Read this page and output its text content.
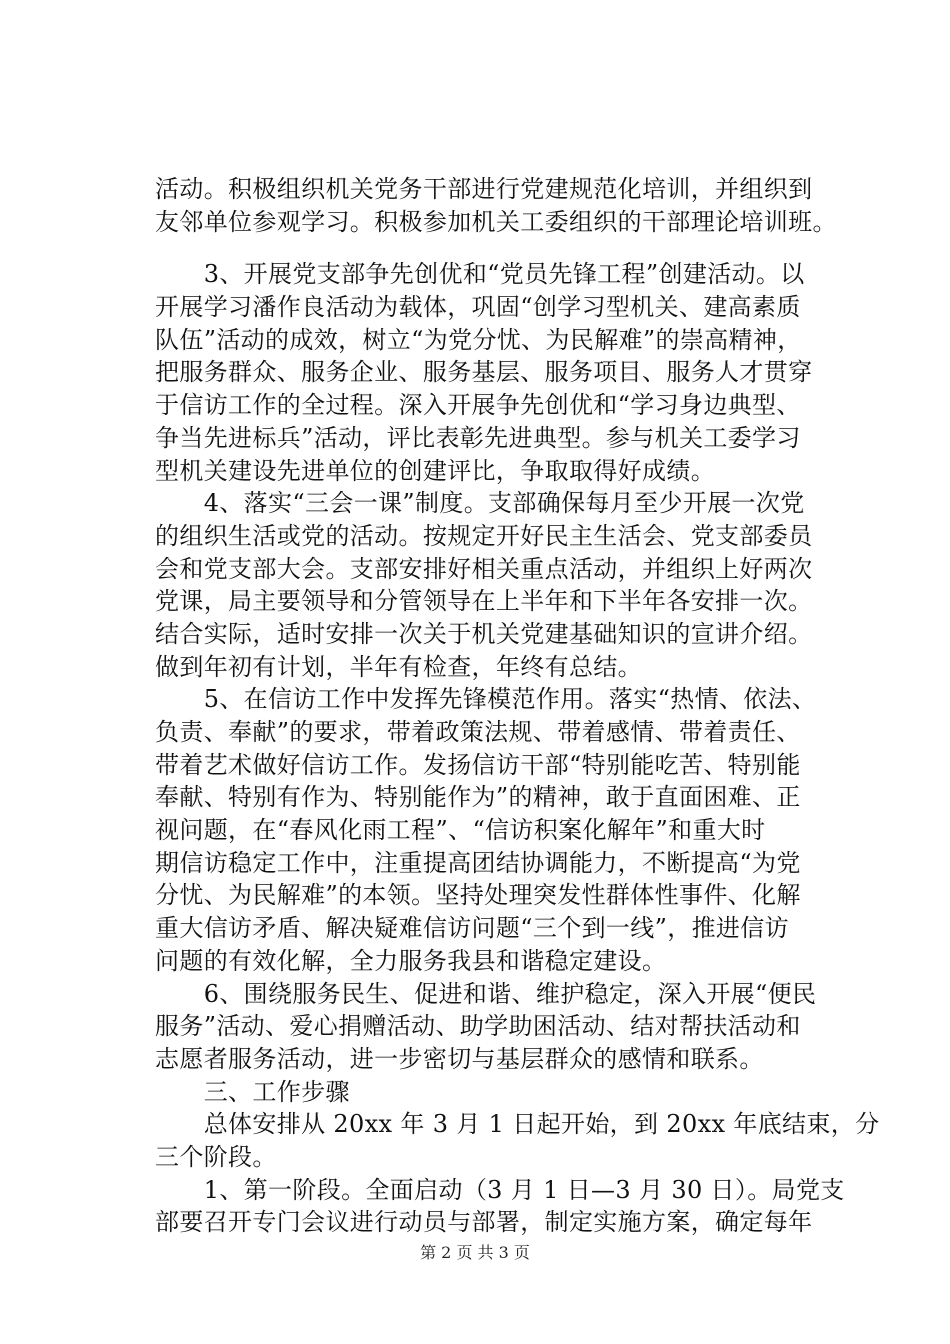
活动。积极组织机关党务干部进行党建规范化培训，并组织到
友邻单位参观学习。积极参加机关工委组织的干部理论培训班。
　　3、开展党支部争先创优和“党员先锋工程”创建活动。以
开展学习潘作良活动为载体，巩固“创学习型机关、建高素质
队伍”活动的成效，树立“为党分忧、为民解难”的崇高精神，
把服务群众、服务企业、服务基层、服务项目、服务人才贯穿
于信访工作的全过程。深入开展争先创优和“学习身边典型、
争当先进标兵”活动，评比表彰先进典型。参与机关工委学习
型机关建设先进单位的创建评比，争取取得好成绩。
　　4、落实“三会一课”制度。支部确保每月至少开展一次党
的组织生活或党的活动。按规定开好民主生活会、党支部委员
会和党支部大会。支部安排好相关重点活动，并组织上好两次
党课，局主要领导和分管领导在上半年和下半年各安排一次。
结合实际，适时安排一次关于机关党建基础知识的宣讲介绍。
做到年初有计划，半年有检查，年终有总结。
　　5、在信访工作中发挥先锋模范作用。落实“热情、依法、
负责、奉献”的要求，带着政策法规、带着感情、带着责任、
带着艺术做好信访工作。发扬信访干部“特别能吃苦、特别能
奉献、特别有作为、特别能作为”的精神，敢于直面困难、正
视问题，在“春风化雨工程”、“信访积案化解年”和重大时
期信访稳定工作中，注重提高团结协调能力，不断提高“为党
分忧、为民解难”的本领。坚持处理突发性群体性事件、化解
重大信访矛盾、解决疑难信访问题“三个到一线”，推进信访
问题的有效化解，全力服务我县和谐稳定建设。
　　6、围绕服务民生、促进和谐、维护稳定，深入开展“便民
服务”活动、爱心捐赠活动、助学助困活动、结对帮扶活动和
志愿者服务活动，进一步密切与基层群众的感情和联系。
　　三、工作步骤
　　总体安排从 20xx 年 3 月 1 日起开始，到 20xx 年底结束，分
三个阶段。
　　1、第一阶段。全面启动（3 月 1 日—3 月 30 日）。局党支
部要召开专门会议进行动员与部署，制定实施方案，确定每年
第 2 页 共 3 页
